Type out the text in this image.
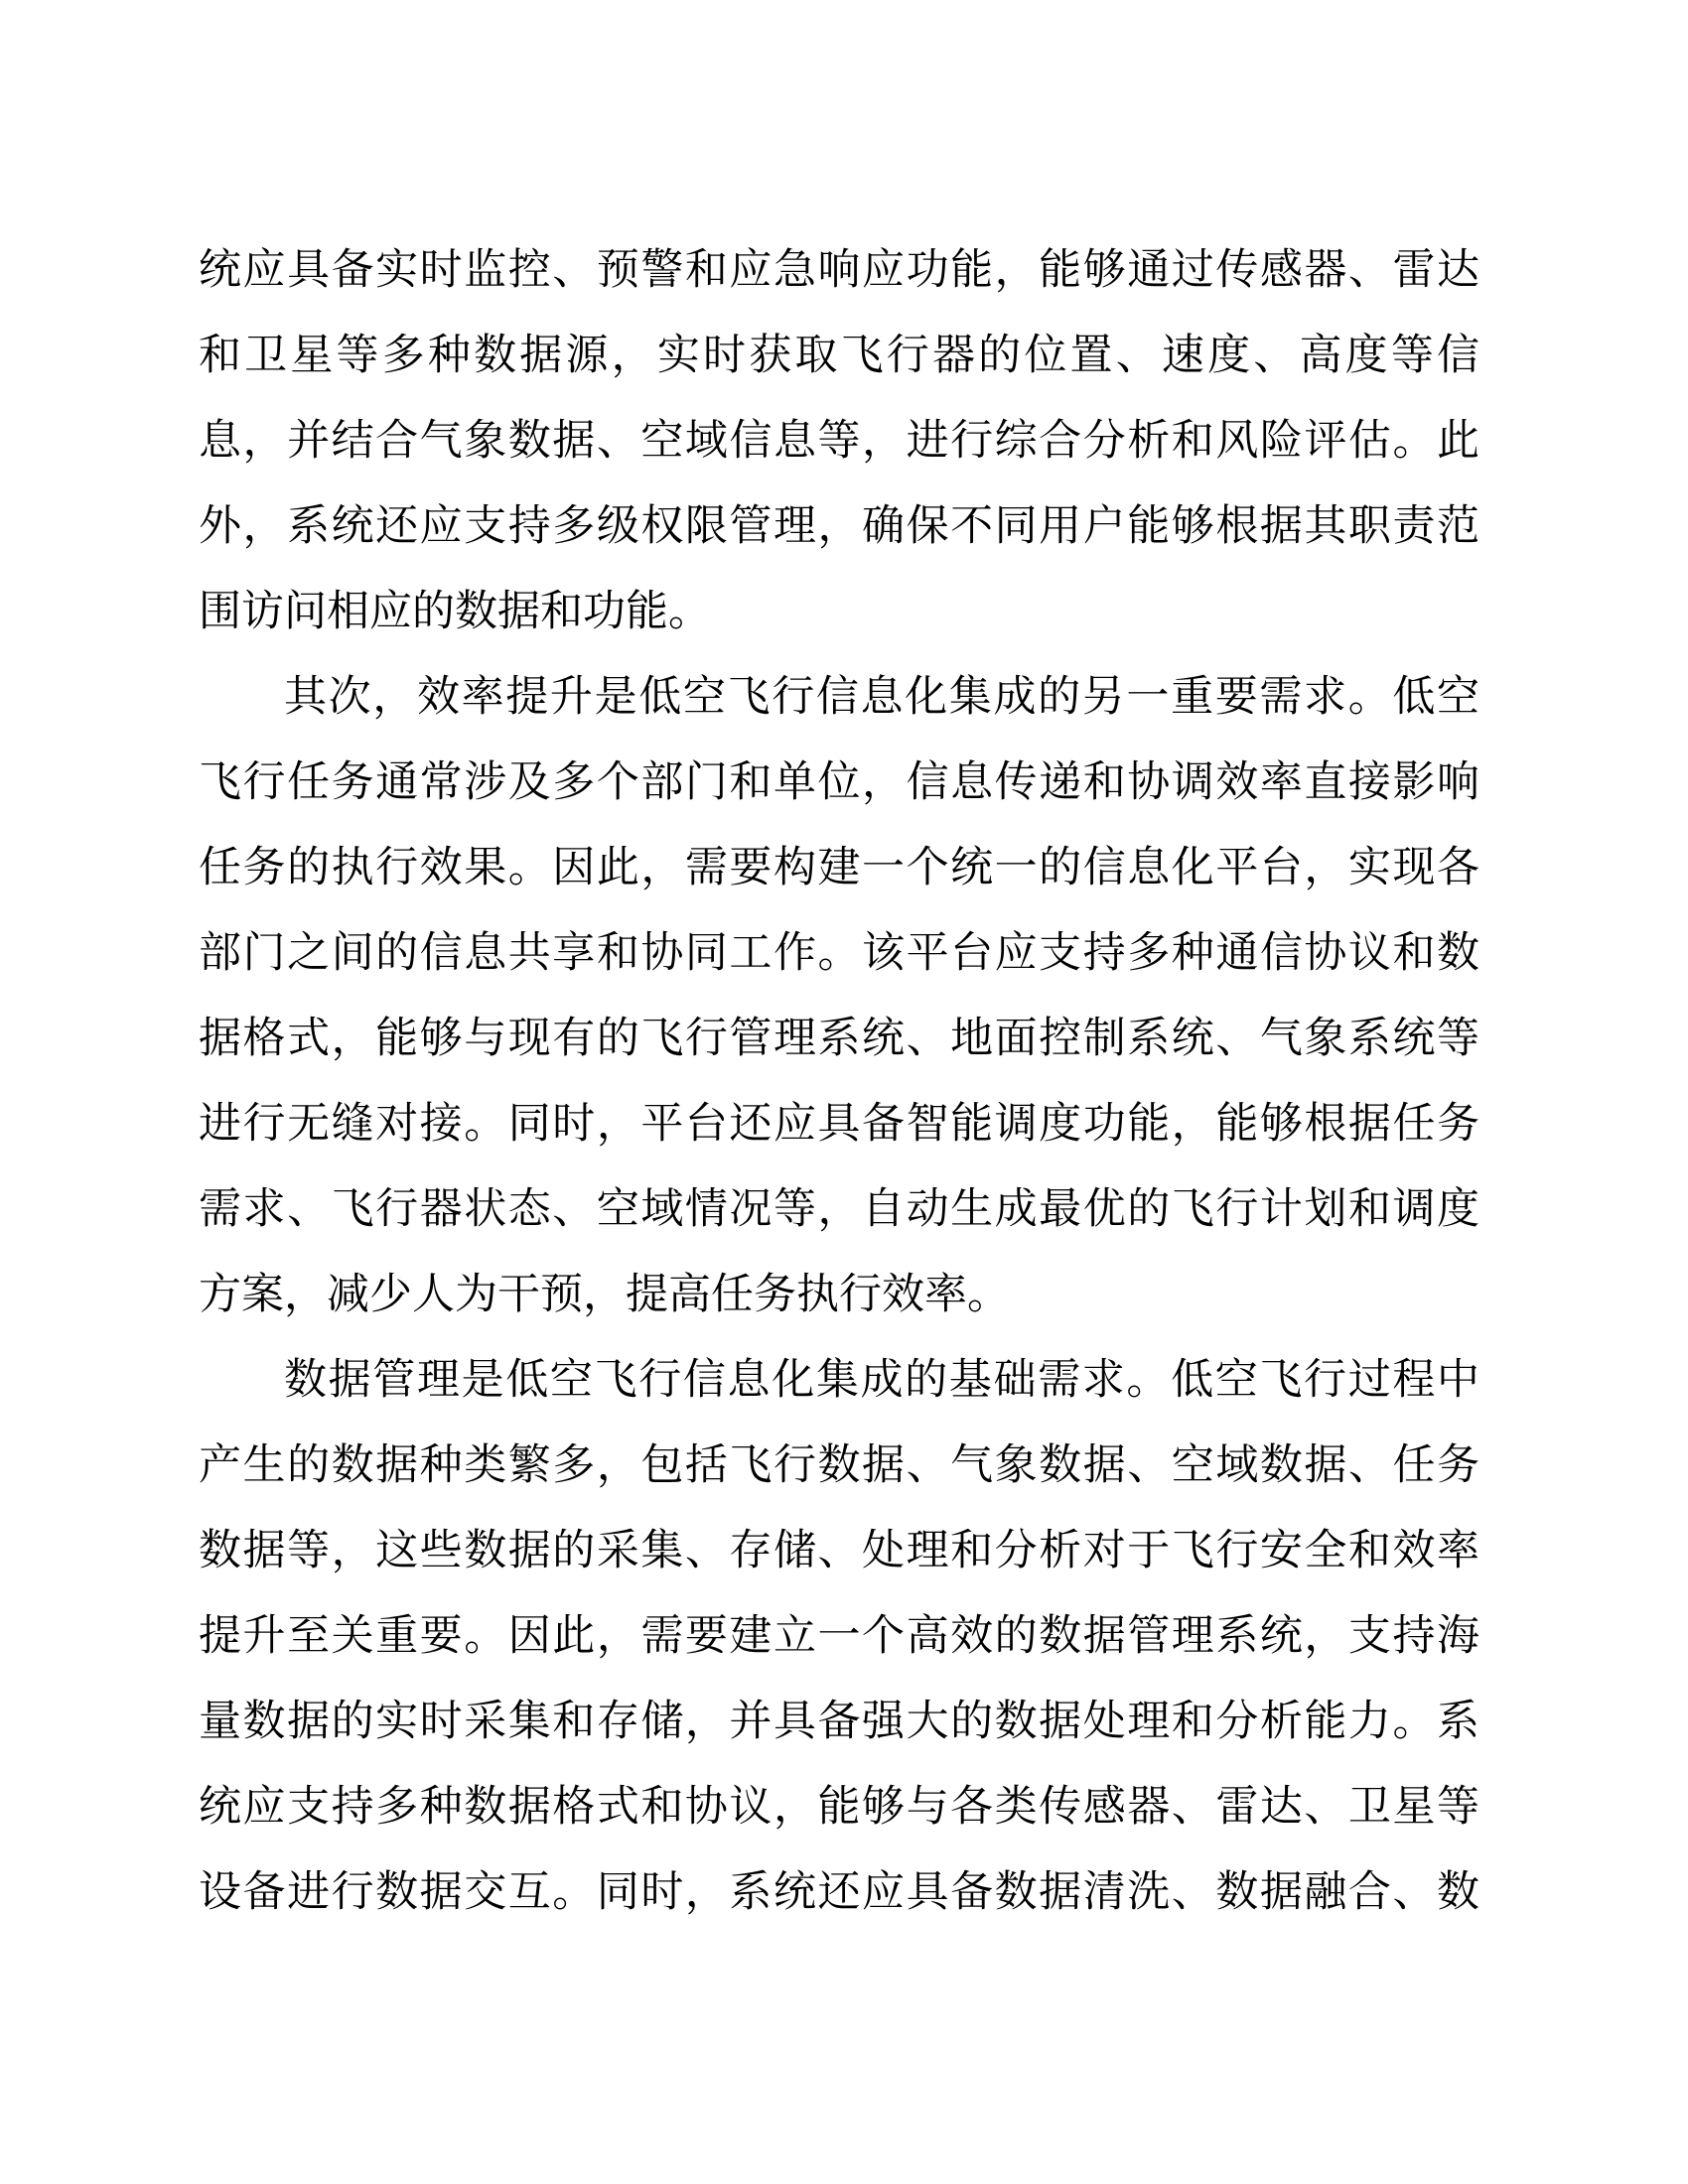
统应具备实时监控、预警和应急响应功能，能够通过传感器、雷达
和卫星等多种数据源，实时获取飞行器的位置、速度、高度等信
息，并结合气象数据、空域信息等，进行综合分析和风险评估。此
外，系统还应支持多级权限管理，确保不同用户能够根据其职责范
围访问相应的数据和功能。
其次，效率提升是低空飞行信息化集成的另一重要需求。低空
飞行任务通常涉及多个部门和单位，信息传递和协调效率直接影响
任务的执行效果。因此，需要构建一个统一的信息化平台，实现各
部门之间的信息共享和协同工作。该平台应支持多种通信协议和数
据格式，能够与现有的飞行管理系统、地面控制系统、气象系统等
进行无缝对接。同时，平台还应具备智能调度功能，能够根据任务
需求、飞行器状态、空域情况等，自动生成最优的飞行计划和调度
方案，减少人为干预，提高任务执行效率。
数据管理是低空飞行信息化集成的基础需求。低空飞行过程中
产生的数据种类繁多，包括飞行数据、气象数据、空域数据、任务
数据等，这些数据的采集、存储、处理和分析对于飞行安全和效率
提升至关重要。因此，需要建立一个高效的数据管理系统，支持海
量数据的实时采集和存储，并具备强大的数据处理和分析能力。系
统应支持多种数据格式和协议，能够与各类传感器、雷达、卫星等
设备进行数据交互。同时，系统还应具备数据清洗、数据融合、数
